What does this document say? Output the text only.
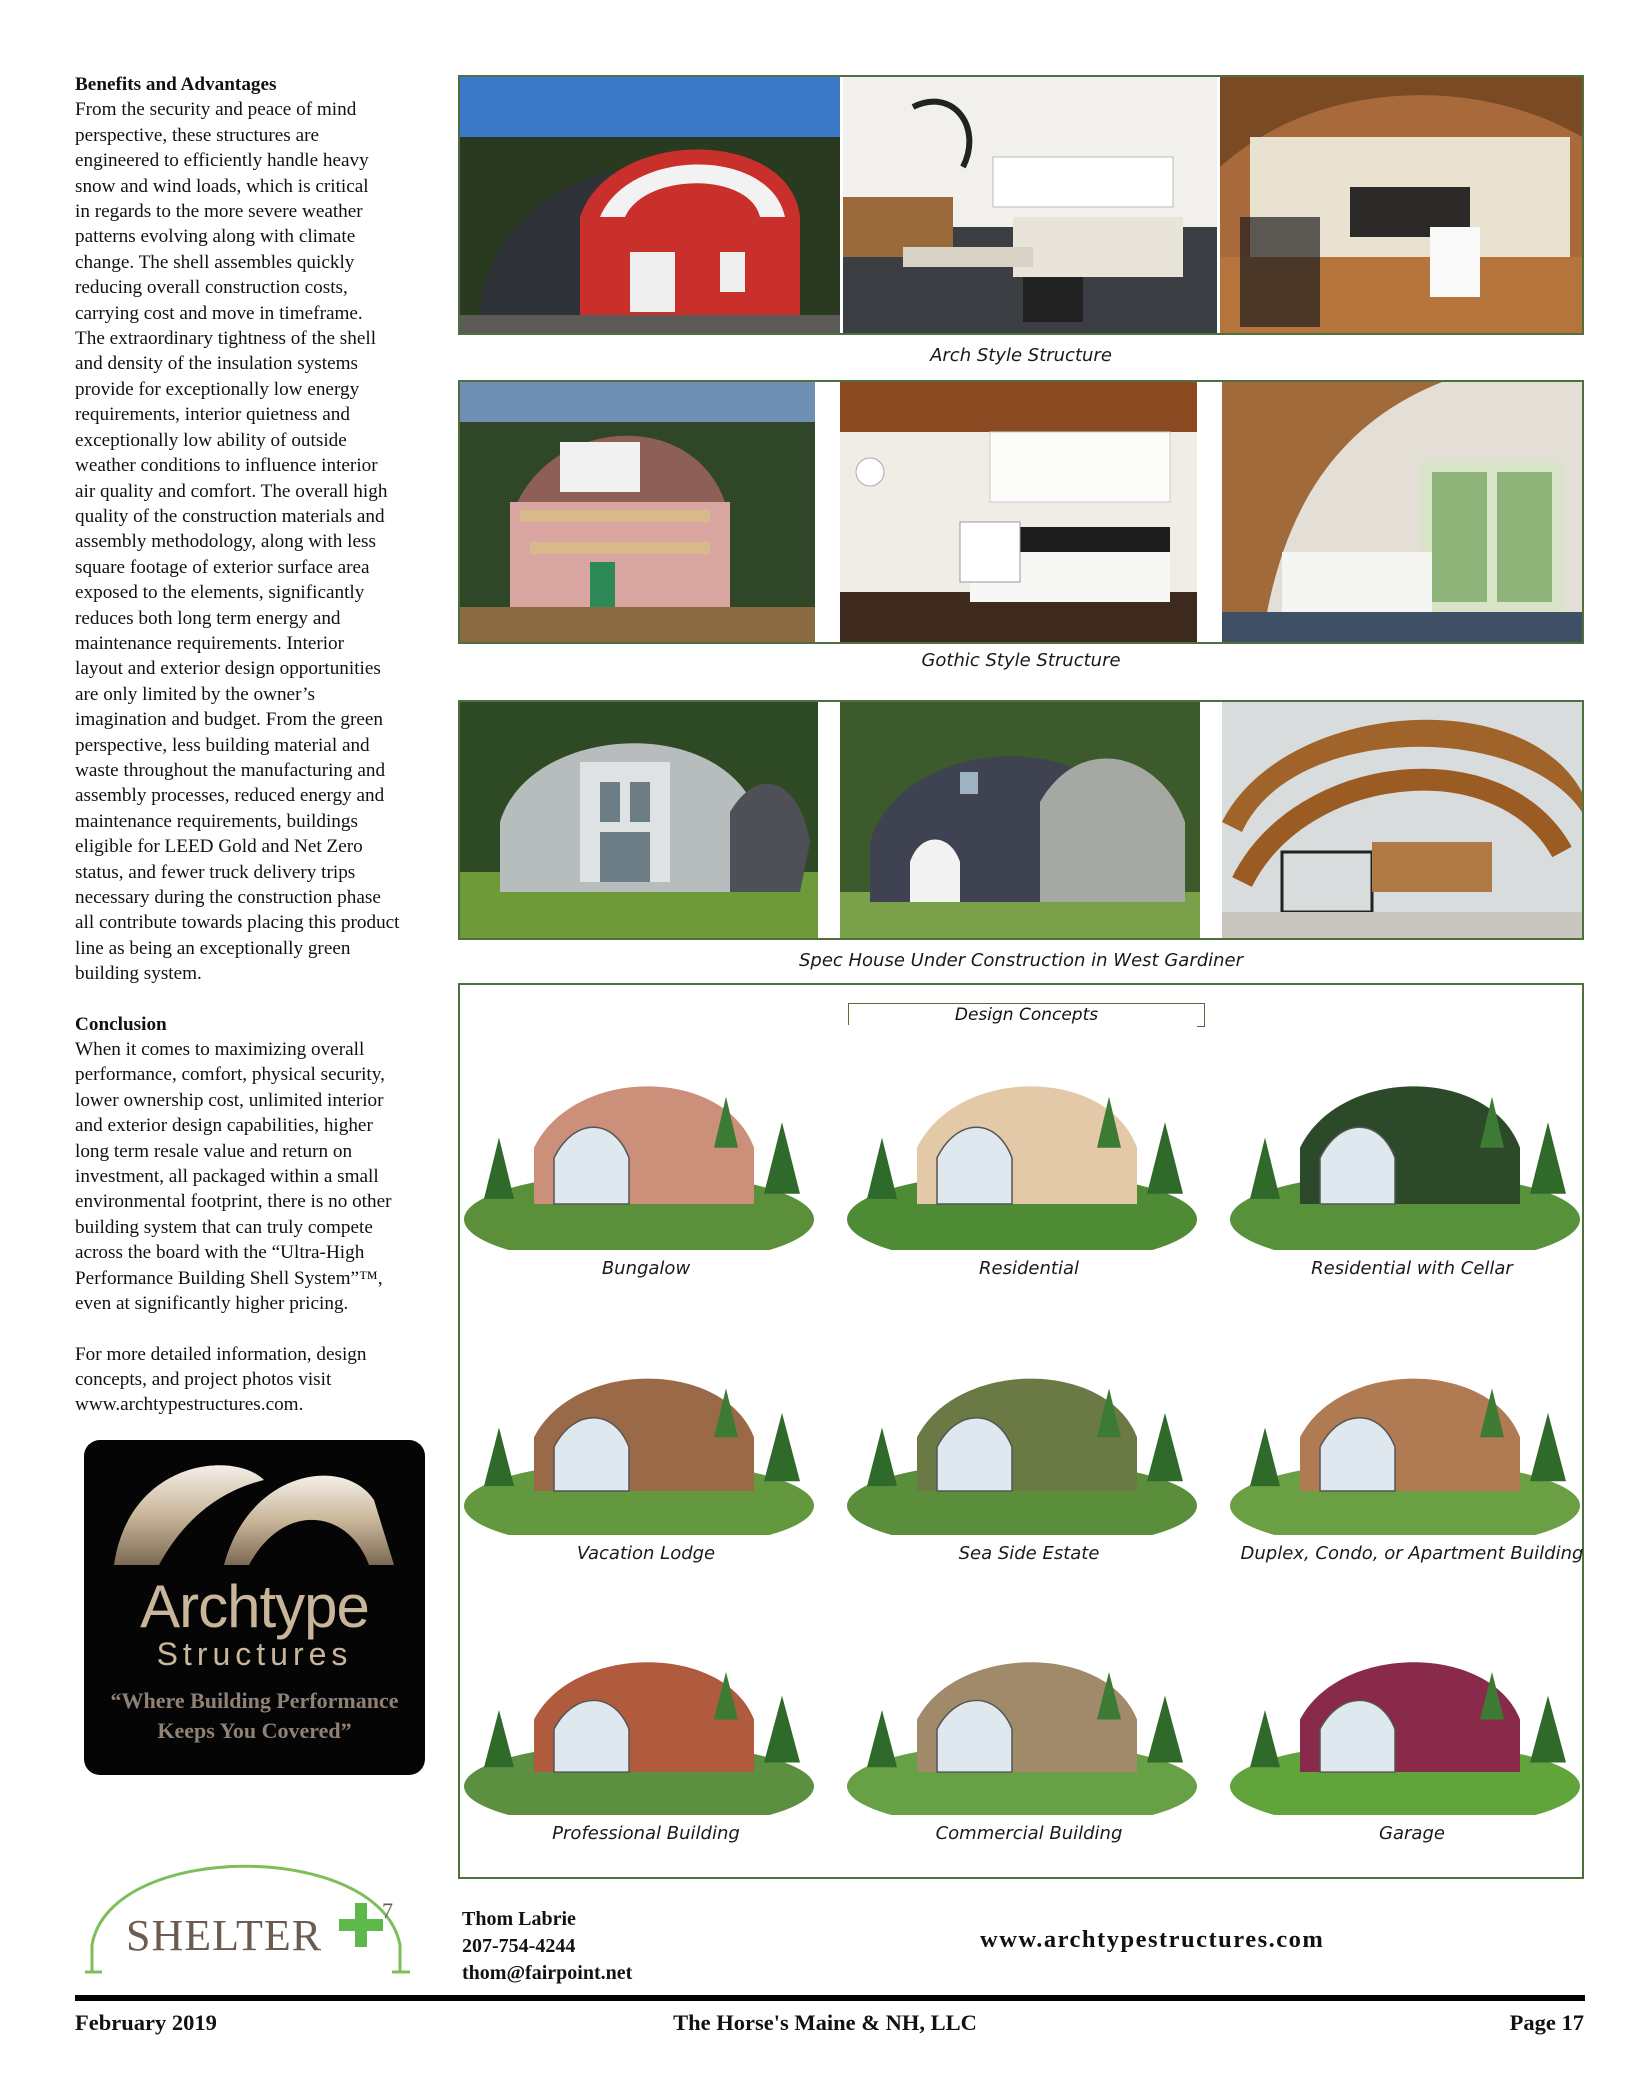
Benefits and Advantages
From the security and peace of mind
perspective, these structures are
engineered to efficiently handle heavy
snow and wind loads, which is critical
in regards to the more severe weather
patterns evolving along with climate
change. The shell assembles quickly
reducing overall construction costs,
carrying cost and move in timeframe.
The extraordinary tightness of the shell
and density of the insulation systems
provide for exceptionally low energy
requirements, interior quietness and
exceptionally low ability of outside
weather conditions to influence interior
air quality and comfort. The overall high
quality of the construction materials and
assembly methodology, along with less
square footage of exterior surface area
exposed to the elements, significantly
reduces both long term energy and
maintenance requirements. Interior
layout and exterior design opportunities
are only limited by the owner’s
imagination and budget. From the green
perspective, less building material and
waste throughout the manufacturing and
assembly processes, reduced energy and
maintenance requirements, buildings
eligible for LEED Gold and Net Zero
status, and fewer truck delivery trips
necessary during the construction phase
all contribute towards placing this product
line as being an exceptionally green
building system.
Conclusion
When it comes to maximizing overall
performance, comfort, physical security,
lower ownership cost, unlimited interior
and exterior design capabilities, higher
long term resale value and return on
investment, all packaged within a small
environmental footprint, there is no other
building system that can truly compete
across the board with the “Ultra-High
Performance Building Shell System”™,
even at significantly higher pricing.
For more detailed information, design
concepts, and project photos visit
www.archtypestructures.com.
Archtype
Structures
“Where Building Performance
Keeps You Covered”
SHELTER
7
Arch Style Structure
Gothic Style Structure
Spec House Under Construction in West Gardiner
Design Concepts
Bungalow	Residential	Residential with Cellar
Vacation Lodge	Sea Side Estate	Duplex, Condo, or Apartment Building
Professional Building	Commercial Building	Garage
Thom Labrie
207-754-4244
thom@fairpoint.net
www.archtypestructures.com
February 2019	The Horse's Maine & NH, LLC	Page 17
